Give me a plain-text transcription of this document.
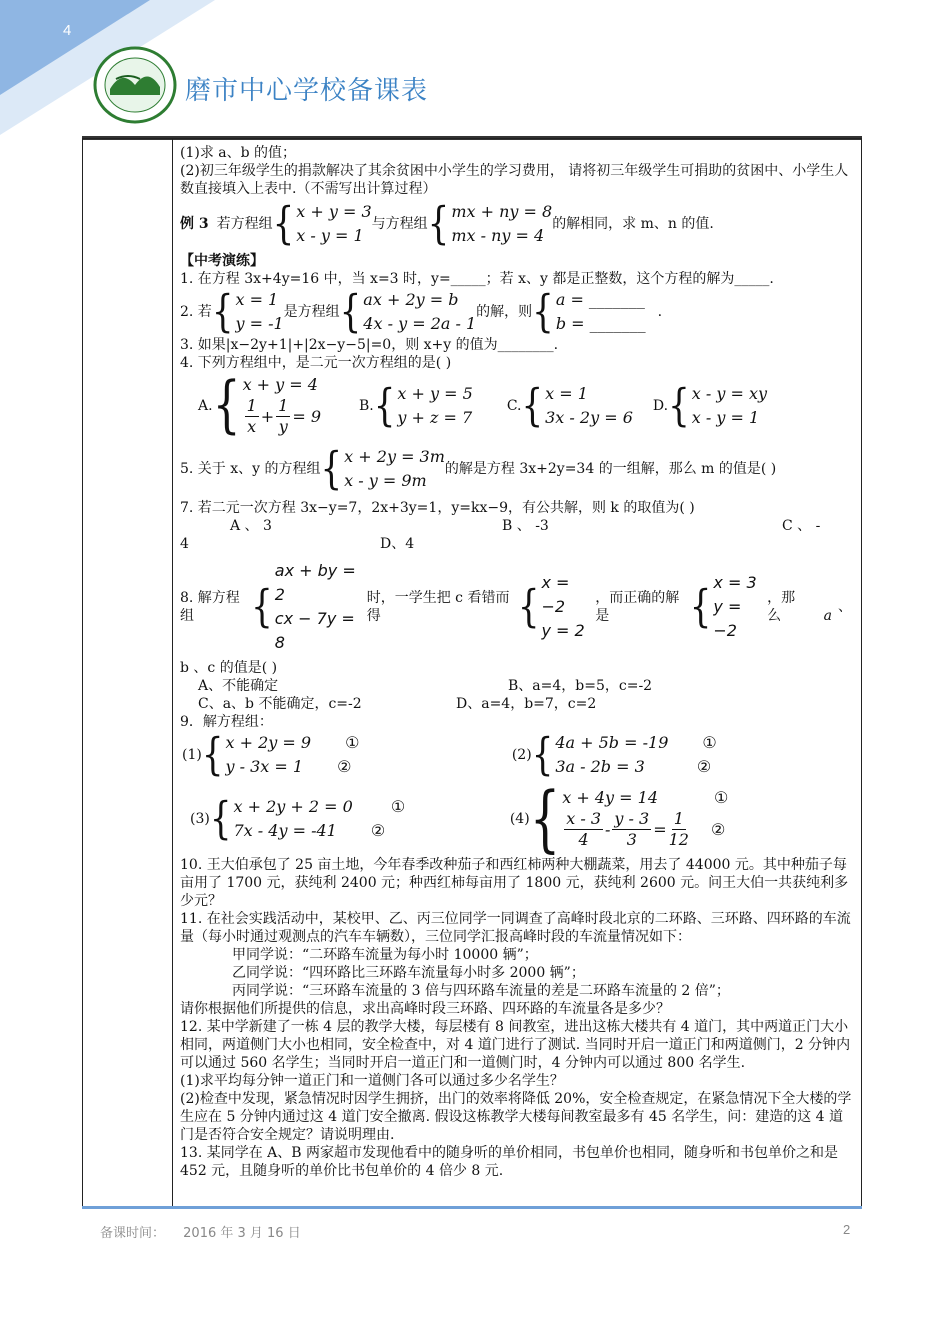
4
磨市中心学校备课表

(1)求 a、b 的值；

(2)初三年级学生的捐款解决了其余贫困中小学生的学习费用， 请将初三年级学生可捐助的贫困中、小学生人数直接填入上表中.（不需写出计算过程）

例 3 若方程组 { x + y = 3
x - y = 1
与方程组 { mx + ny = 8
mx - ny = 4
的解相同，求 m、n 的值.

【中考演练】

1. 在方程 3x+4y=16 中，当 x=3 时，y=_____；若 x、y 都是正整数，这个方程的解为_____.

2. 若 { x = 1
y = -1
是方程组 { ax + 2y = b
4x - y = 2a - 1
的解，则 { a = _______
b = _______
.

3. 如果|x−2y+1|+|2x−y−5|=0，则 x+y 的值为________.

4. 下列方程组中，是二元一次方程组的是( )

A. { x + y = 4
$\frac{1}{x} + \frac{1}{y} = 9$
B. { x + y = 5
y + z = 7
C. { x = 1
3x - 2y = 6
D. { x - y = xy
x - y = 1
5. 关于 x、y 的方程组 { x + 2y = 3m
x - y = 9m
的解是方程 3x+2y=34 的一组解，那么 m 的值是( )

7. 若二元一次方程 3x−y=7，2x+3y=1，y=kx−9，有公共解，则 k 的取值为( )

A 、 3	B 、 -3	C 、 -
4	D、4
8. 解方程组	{
ax + by = 2
cx − 7y = 8
时，一学生把 c 看错而得	{ x = −2
y = 2
，而正确的解是	{ x = 3
y = −2
，那么	a
、

b 、c 的值是( )

A、不能确定	B、a=4，b=5，c=-2
C、a、b 不能确定，c=-2	D、a=4，b=7，c=2

9．解方程组：

(1) { x + 2y = 9 ①
y - 3x = 1 ②
(2) { 4a + 5b = -19 ①
3a - 2b = 3	②
(3) { x + 2y + 2 = 0 ①
7x - 4y = -41 ②
(4) { x + 4y = 14	①
$\frac{x - 3}{4} - \frac{y - 3}{3} = \frac{1}{12}$ ②

10. 王大伯承包了 25 亩土地，今年春季改种茄子和西红柿两种大棚蔬菜，用去了 44000 元。其中种茄子每亩用了 1700 元，获纯利 2400 元；种西红柿每亩用了 1800 元，获纯利 2600 元。问王大伯一共获纯利多少元？

11. 在社会实践活动中，某校甲、乙、丙三位同学一同调查了高峰时段北京的二环路、三环路、四环路的车流量（每小时通过观测点的汽车车辆数），三位同学汇报高峰时段的车流量情况如下：

甲同学说：“二环路车流量为每小时 10000 辆”；

乙同学说：“四环路比三环路车流量每小时多 2000 辆”；

丙同学说：“三环路车流量的 3 倍与四环路车流量的差是二环路车流量的 2 倍”；

请你根据他们所提供的信息，求出高峰时段三环路、四环路的车流量各是多少？

12. 某中学新建了一栋 4 层的教学大楼，每层楼有 8 间教室，进出这栋大楼共有 4 道门，其中两道正门大小相同，两道侧门大小也相同，安全检查中，对 4 道门进行了测试. 当同时开启一道正门和两道侧门，2 分钟内可以通过 560 名学生；当同时开启一道正门和一道侧门时，4 分钟内可以通过 800 名学生.

(1)求平均每分钟一道正门和一道侧门各可以通过多少名学生？

(2)检查中发现，紧急情况时因学生拥挤，出门的效率将降低 20%，安全检查规定，在紧急情况下全大楼的学生应在 5 分钟内通过这 4 道门安全撤离. 假设这栋教学大楼每间教室最多有 45 名学生，问：建造的这 4 道门是否符合安全规定？请说明理由.

13. 某同学在 A、B 两家超市发现他看中的随身听的单价相同，书包单价也相同，随身听和书包单价之和是 452 元，且随身听的单价比书包单价的 4 倍少 8 元.

备课时间： 2016 年 3 月 16 日	2
